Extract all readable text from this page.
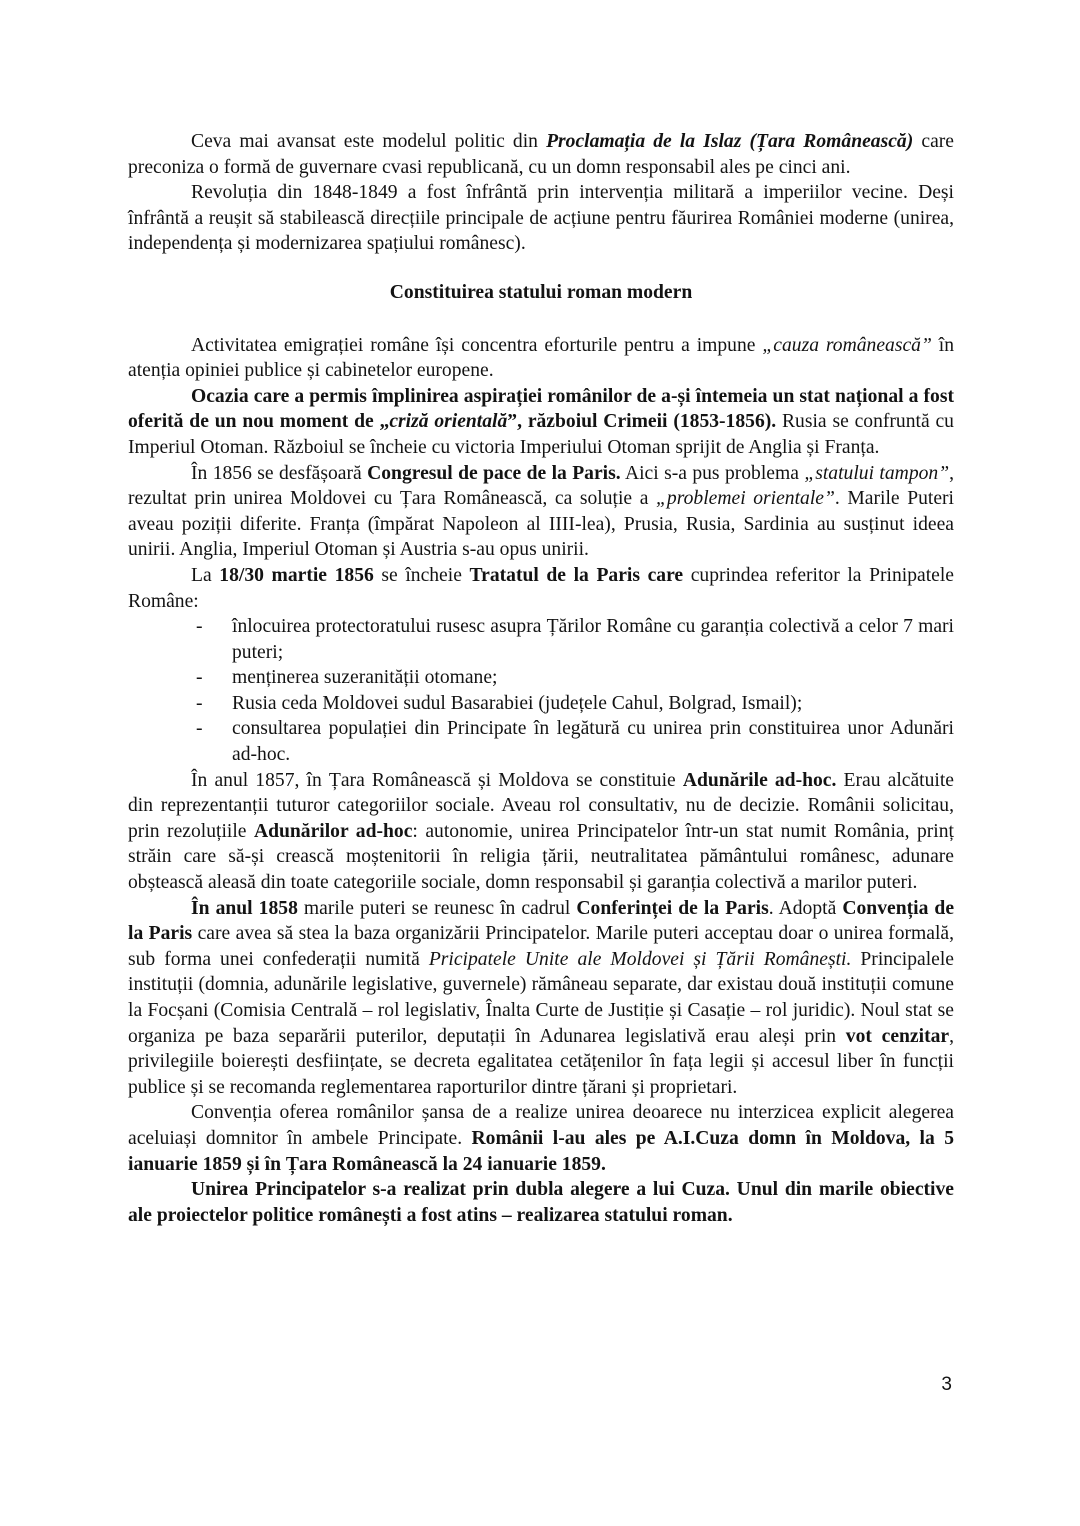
Ceva mai avansat este modelul politic din Proclamația de la Islaz (Țara Românească) care preconiza o formă de guvernare cvasi republicană, cu un domn responsabil ales pe cinci ani.

Revoluția din 1848-1849 a fost înfrântă prin intervenția militară a imperiilor vecine. Deși înfrântă a reușit să stabilească direcțiile principale de acțiune pentru făurirea României moderne (unirea, independența și modernizarea spațiului românesc).

Constituirea statului roman modern

Activitatea emigrației române își concentra eforturile pentru a impune „cauza românească” în atenția opiniei publice și cabinetelor europene.

Ocazia care a permis împlinirea aspirației românilor de a-și întemeia un stat național a fost oferită de un nou moment de „criză orientală”, războiul Crimeii (1853-1856). Rusia se confruntă cu Imperiul Otoman. Războiul se încheie cu victoria Imperiului Otoman sprijit de Anglia și Franța.

În 1856 se desfășoară Congresul de pace de la Paris. Aici s-a pus problema „statului tampon”, rezultat prin unirea Moldovei cu Țara Românească, ca soluție a „problemei orientale”. Marile Puteri aveau poziții diferite. Franța (împărat Napoleon al IIII-lea), Prusia, Rusia, Sardinia au susținut ideea unirii. Anglia, Imperiul Otoman și Austria s-au opus unirii.

La 18/30 martie 1856 se încheie Tratatul de la Paris care cuprindea referitor la Prinipatele Române:

- înlocuirea protectoratului rusesc asupra Țărilor Române cu garanția colectivă a celor 7 mari puteri;
- menținerea suzeranității otomane;
- Rusia ceda Moldovei sudul Basarabiei (județele Cahul, Bolgrad, Ismail);
- consultarea populației din Principate în legătură cu unirea prin constituirea unor Adunări ad-hoc.

În anul 1857, în Țara Românească și Moldova se constituie Adunările ad-hoc. Erau alcătuite din reprezentanții tuturor categoriilor sociale. Aveau rol consultativ, nu de decizie. Românii solicitau, prin rezoluțiile Adunărilor ad-hoc: autonomie, unirea Principatelor într-un stat numit România, prinț străin care să-și crească moștenitorii în religia țării, neutralitatea pământului românesc, adunare obștească aleasă din toate categoriile sociale, domn responsabil și garanția colectivă a marilor puteri.

În anul 1858 marile puteri se reunesc în cadrul Conferinței de la Paris. Adoptă Convenția de la Paris care avea să stea la baza organizării Principatelor. Marile puteri acceptau doar o unirea formală, sub forma unei confederații numită Pricipatele Unite ale Moldovei și Țării Românești. Principalele instituții (domnia, adunările legislative, guvernele) rămâneau separate, dar existau două instituții comune la Focșani (Comisia Centrală – rol legislativ, Înalta Curte de Justiție și Casație – rol juridic). Noul stat se organiza pe baza separării puterilor, deputații în Adunarea legislativă erau aleși prin vot cenzitar, privilegiile boierești desființate, se decreta egalitatea cetățenilor în fața legii și accesul liber în funcții publice și se recomanda reglementarea raporturilor dintre țărani și proprietari.

Convenția oferea românilor șansa de a realize unirea deoarece nu interzicea explicit alegerea aceluiași domnitor în ambele Principate. Românii l-au ales pe A.I.Cuza domn în Moldova, la 5 ianuarie 1859 și în Țara Românească la 24 ianuarie 1859.

Unirea Principatelor s-a realizat prin dubla alegere a lui Cuza. Unul din marile obiective ale proiectelor politice românești a fost atins – realizarea statului roman.

3
